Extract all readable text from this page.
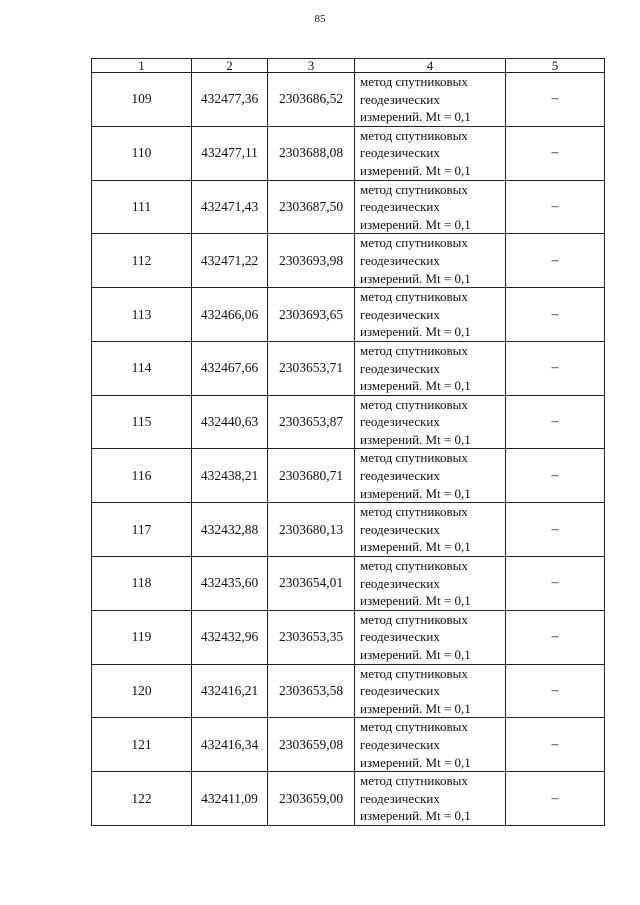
85
1	2	3	4	5
109	432477,36	2303686,52	метод спутниковых
геодезических
измерений. Mt = 0,1	–
110	432477,11	2303688,08	метод спутниковых
геодезических
измерений. Mt = 0,1	–
111	432471,43	2303687,50	метод спутниковых
геодезических
измерений. Mt = 0,1	–
112	432471,22	2303693,98	метод спутниковых
геодезических
измерений. Mt = 0,1	–
113	432466,06	2303693,65	метод спутниковых
геодезических
измерений. Mt = 0,1	–
114	432467,66	2303653,71	метод спутниковых
геодезических
измерений. Mt = 0,1	–
115	432440,63	2303653,87	метод спутниковых
геодезических
измерений. Mt = 0,1	–
116	432438,21	2303680,71	метод спутниковых
геодезических
измерений. Mt = 0,1	–
117	432432,88	2303680,13	метод спутниковых
геодезических
измерений. Mt = 0,1	–
118	432435,60	2303654,01	метод спутниковых
геодезических
измерений. Mt = 0,1	–
119	432432,96	2303653,35	метод спутниковых
геодезических
измерений. Mt = 0,1	–
120	432416,21	2303653,58	метод спутниковых
геодезических
измерений. Mt = 0,1	–
121	432416,34	2303659,08	метод спутниковых
геодезических
измерений. Mt = 0,1	–
122	432411,09	2303659,00	метод спутниковых
геодезических
измерений. Mt = 0,1	–
